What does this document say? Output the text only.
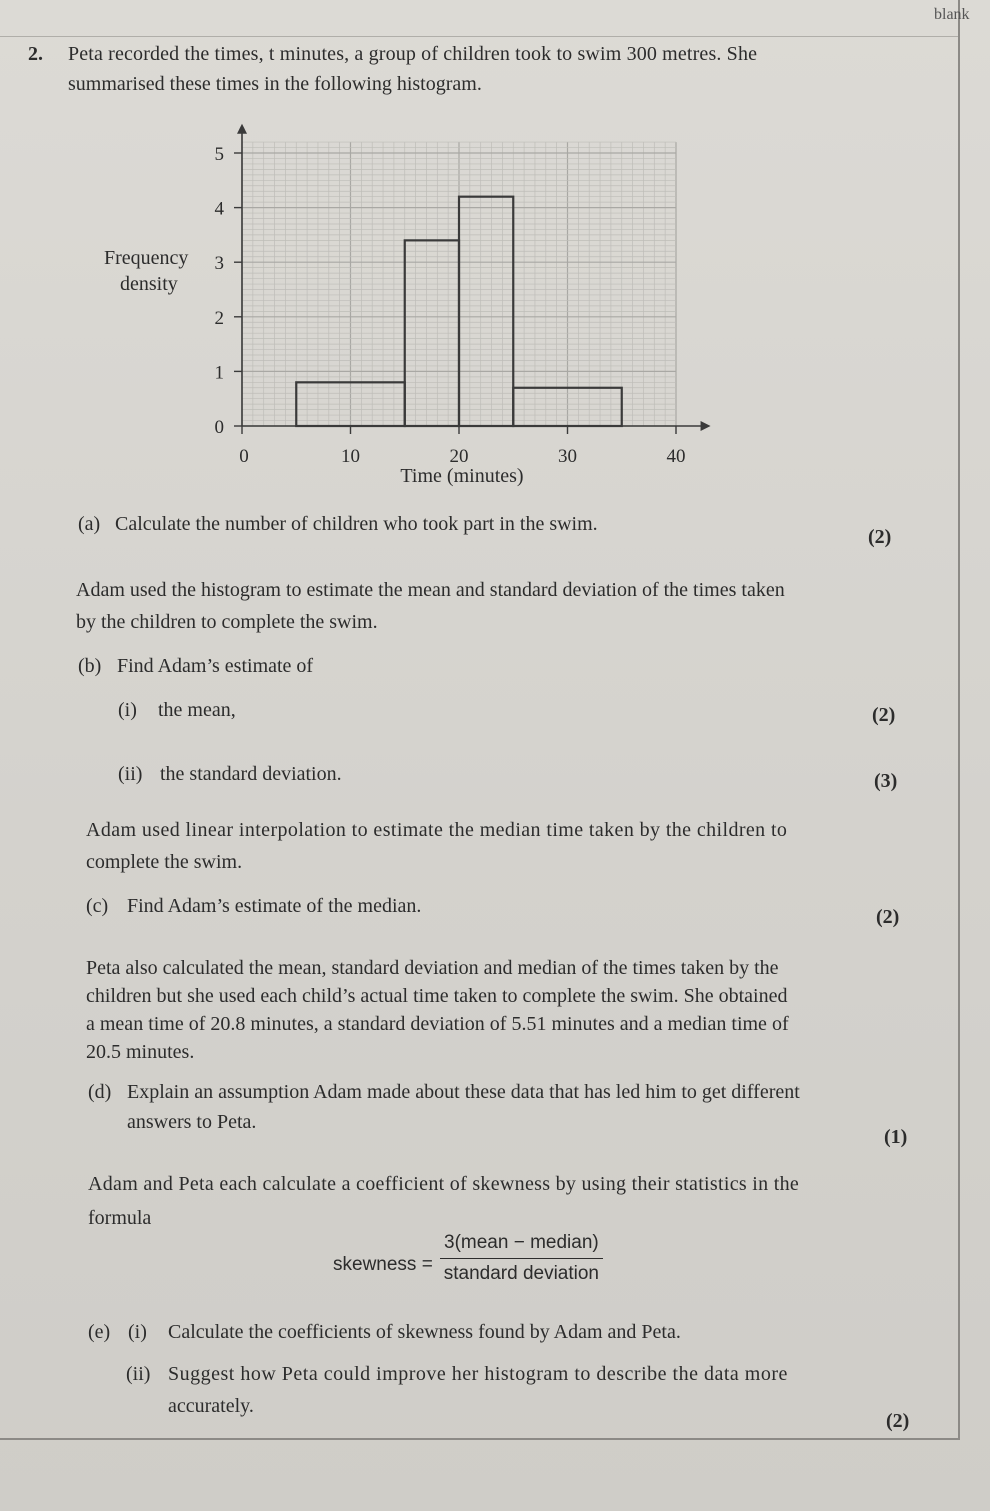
blank
2. Peta recorded the times, t minutes, a group of children took to swim 300 metres. She
summarised these times in the following histogram.
0
1
2
3
4
5
0	10	20	30	40
Frequency
density
Time (minutes)
(a) Calculate the number of children who took part in the swim.
(2)
Adam used the histogram to estimate the mean and standard deviation of the times taken
by the children to complete the swim.
(b) Find Adam’s estimate of
(i) the mean,	(2)
(ii) the standard deviation.	(3)
Adam used linear interpolation to estimate the median time taken by the children to
complete the swim.
(c) Find Adam’s estimate of the median.	(2)
Peta also calculated the mean, standard deviation and median of the times taken by the
children but she used each child’s actual time taken to complete the swim. She obtained
a mean time of 20.8 minutes, a standard deviation of 5.51 minutes and a median time of
20.5 minutes.
(d) Explain an assumption Adam made about these data that has led him to get different
answers to Peta.
(1)
Adam and Peta each calculate a coefficient of skewness by using their statistics in the
formula
skewness =
3(mean − median)
standard deviation
(e) (i) Calculate the coefficients of skewness found by Adam and Peta.
(ii) Suggest how Peta could improve her histogram to describe the data more
accurately.
(2)
